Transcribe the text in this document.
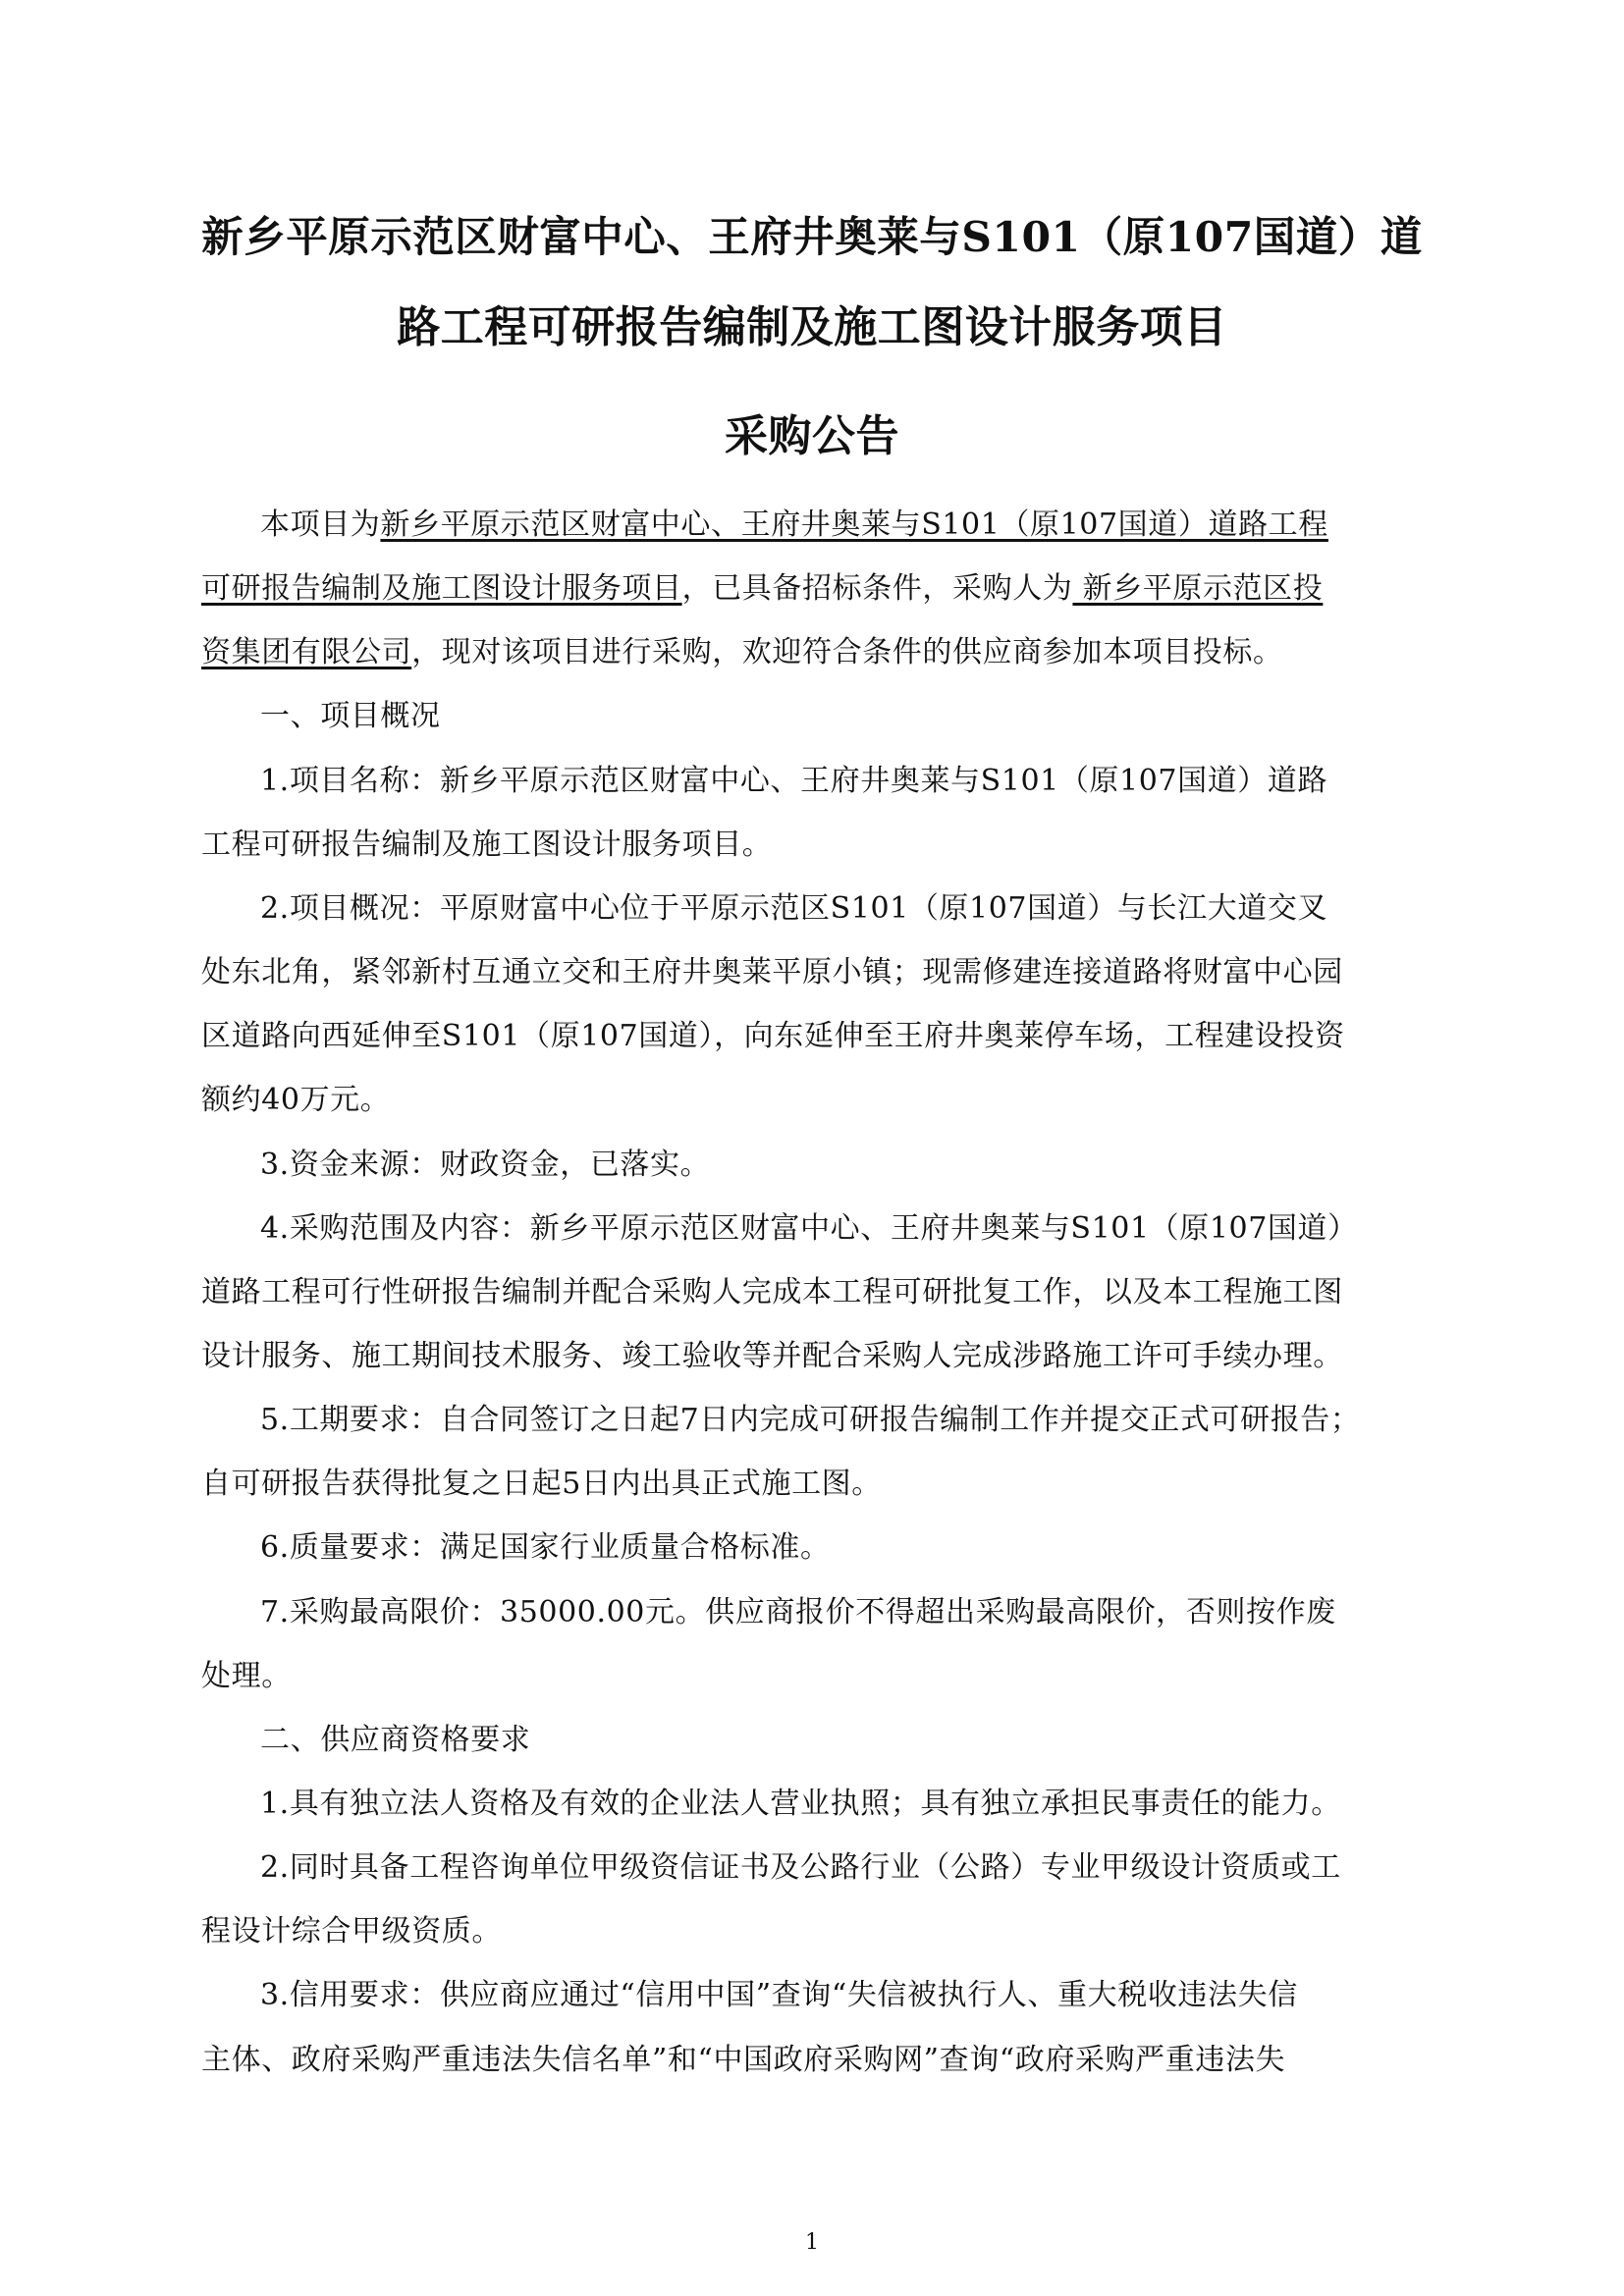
新乡平原示范区财富中心、王府井奥莱与S101（原107国道）道
路工程可研报告编制及施工图设计服务项目
采购公告
本项目为新乡平原示范区财富中心、王府井奥莱与S101（原107国道）道路工程
可研报告编制及施工图设计服务项目，已具备招标条件，采购人为 新乡平原示范区投
资集团有限公司，现对该项目进行采购，欢迎符合条件的供应商参加本项目投标。
一、项目概况
1.项目名称：新乡平原示范区财富中心、王府井奥莱与S101（原107国道）道路
工程可研报告编制及施工图设计服务项目。
2.项目概况：平原财富中心位于平原示范区S101（原107国道）与长江大道交叉
处东北角，紧邻新村互通立交和王府井奥莱平原小镇；现需修建连接道路将财富中心园
区道路向西延伸至S101（原107国道），向东延伸至王府井奥莱停车场，工程建设投资
额约40万元。
3.资金来源：财政资金，已落实。
4.采购范围及内容：新乡平原示范区财富中心、王府井奥莱与S101（原107国道）
道路工程可行性研报告编制并配合采购人完成本工程可研批复工作，以及本工程施工图
设计服务、施工期间技术服务、竣工验收等并配合采购人完成涉路施工许可手续办理。
5.工期要求：自合同签订之日起7日内完成可研报告编制工作并提交正式可研报告；
自可研报告获得批复之日起5日内出具正式施工图。
6.质量要求：满足国家行业质量合格标准。
7.采购最高限价：35000.00元。供应商报价不得超出采购最高限价，否则按作废
处理。
二、供应商资格要求
1.具有独立法人资格及有效的企业法人营业执照；具有独立承担民事责任的能力。
2.同时具备工程咨询单位甲级资信证书及公路行业（公路）专业甲级设计资质或工
程设计综合甲级资质。
3.信用要求：供应商应通过“信用中国”查询“失信被执行人、重大税收违法失信
主体、政府采购严重违法失信名单”和“中国政府采购网”查询“政府采购严重违法失
1
